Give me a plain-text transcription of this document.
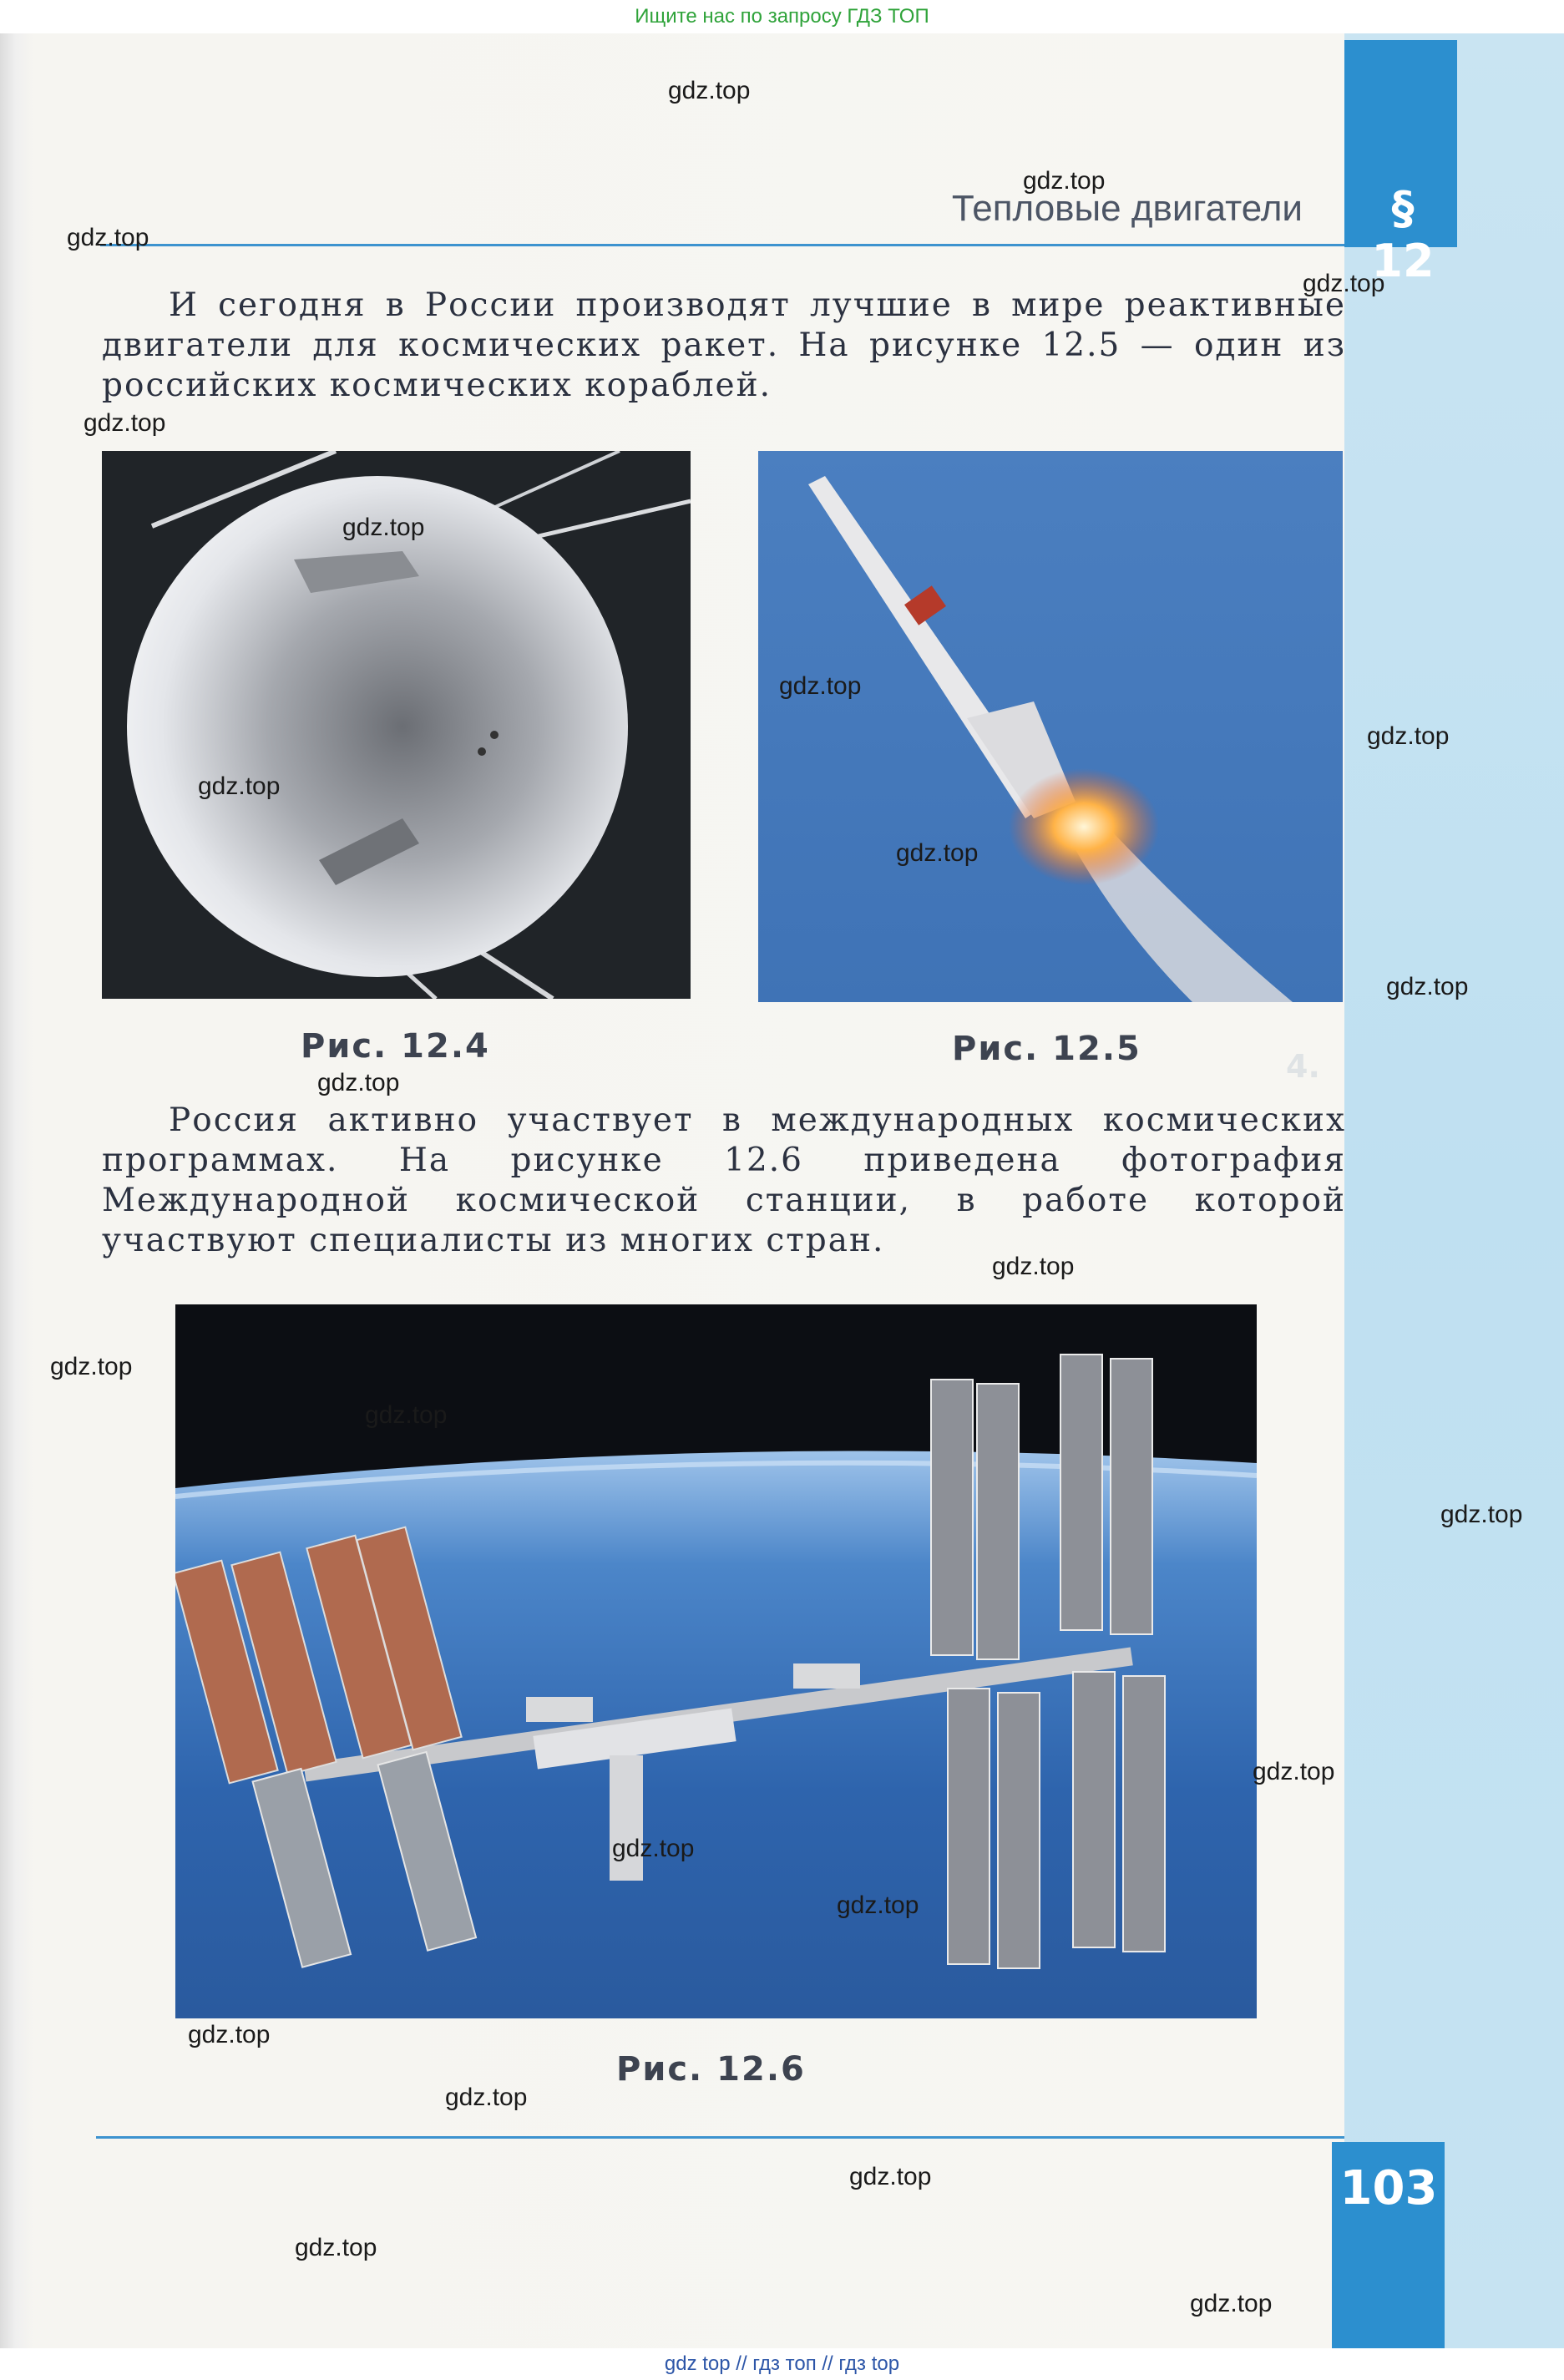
Ищите нас по запросу ГДЗ ТОП
4.
§ 12
Тепловые двигатели
И сегодня в России производят лучшие в мире реактивные двигатели для космических ракет. На рисунке 12.5 — один из российских космических кораблей.
Рис. 12.4	Рис. 12.5
Россия активно участвует в международных космических программах. На рисунке 12.6 приведена фотография Международной космической станции, в работе которой участвуют специалисты из многих стран.
Рис. 12.6
103
gdz.top
gdz.top
gdz.top
gdz.top
gdz.top
gdz.top
gdz.top
gdz.top
gdz.top
gdz.top
gdz.top
gdz.top
gdz.top
gdz.top
gdz.top
gdz.top
gdz.top
gdz.top
gdz.top
gdz.top
gdz.top
gdz.top
gdz.top
gdz.top
gdz top // гдз топ // гдз top
